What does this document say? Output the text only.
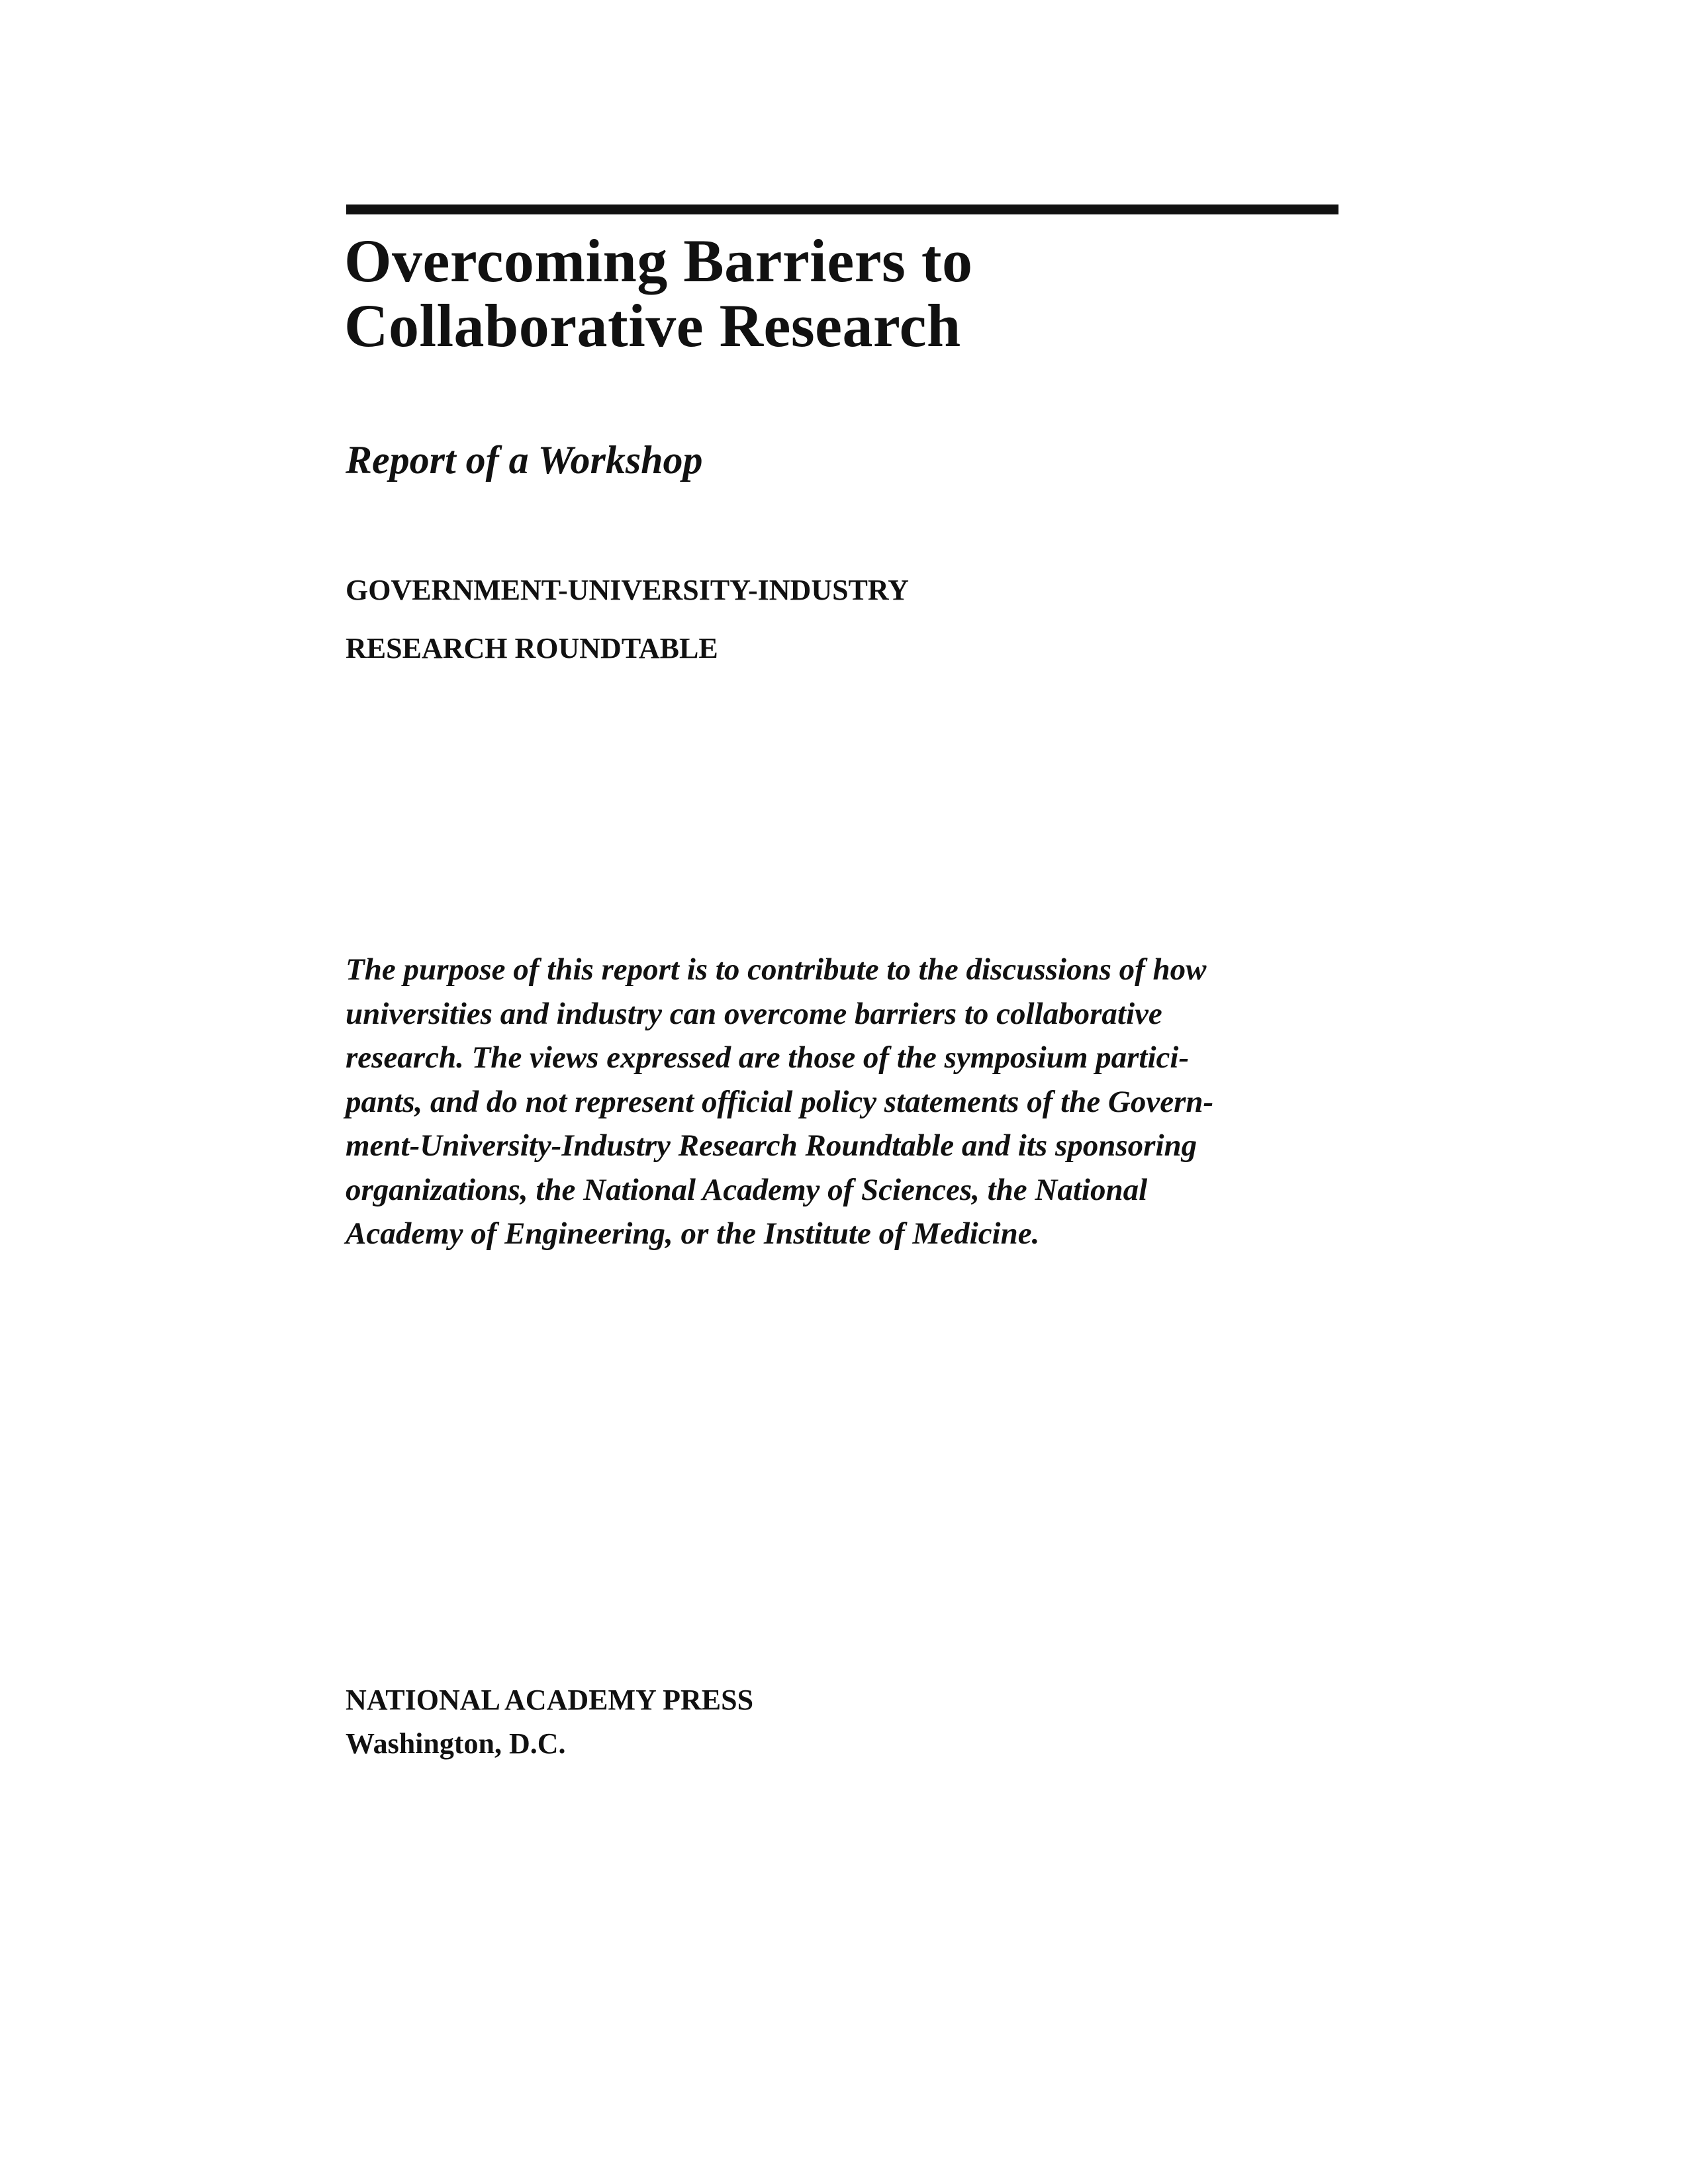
Overcoming Barriers to
Collaborative Research
Report of a Workshop
GOVERNMENT-UNIVERSITY-INDUSTRY
RESEARCH ROUNDTABLE
The purpose of this report is to contribute to the discussions of how
universities and industry can overcome barriers to collaborative
research. The views expressed are those of the symposium partici-
pants, and do not represent official policy statements of the Govern-
ment-University-Industry Research Roundtable and its sponsoring
organizations, the National Academy of Sciences, the National
Academy of Engineering, or the Institute of Medicine.
NATIONAL ACADEMY PRESS
Washington, D.C.
